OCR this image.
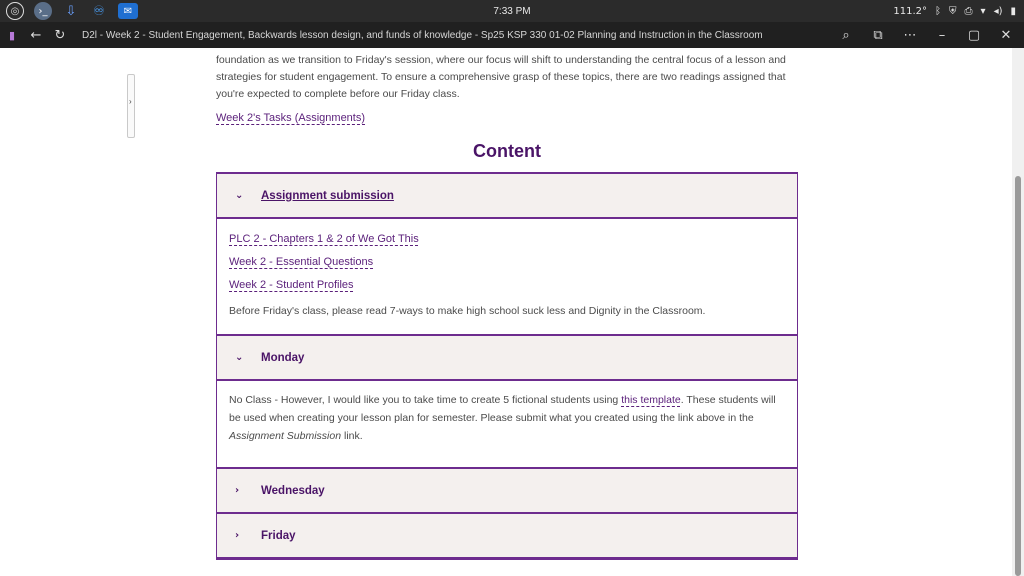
◎	›_	⇩ ♾	✉	7:33 PM	111.2° ᛒ ⛨ ⎙ ▾ ◂) ▮
▮	←	↻	D2l - Week 2 - Student Engagement, Backwards lesson design, and funds of knowledge - Sp25 KSP 330 01-02 Planning and Instruction in the Classroom	⌕	⧉	⋯	–	▢	✕
›

foundation as we transition to Friday's session, where our focus will shift to understanding the central focus of a lesson and strategies for student engagement. To ensure a comprehensive grasp of these topics, there are two readings assigned that you're expected to complete before our Friday class.

Week 2's Tasks (Assignments)
Content
⌄	Assignment submission
PLC 2 - Chapters 1 & 2 of We Got This
Week 2 - Essential Questions
Week 2 - Student Profiles

Before Friday's class, please read 7-ways to make high school suck less and Dignity in the Classroom.

⌄	Monday

No Class - However, I would like you to take time to create 5 fictional students using this template. These students will be used when creating your lesson plan for semester. Please submit what you created using the link above in the Assignment Submission link.

›	Wednesday
›	Friday
